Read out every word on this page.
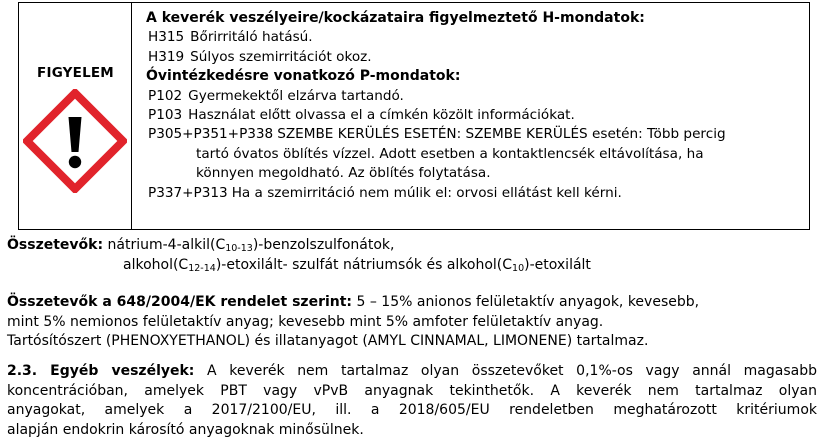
FIGYELEM
A keverék veszélyeire/kockázataira figyelmeztető H-mondatok:
H315 Bőrirritáló hatású.
H319 Súlyos szemirritációt okoz.
Óvintézkedésre vonatkozó P-mondatok:
P102 Gyermekektől elzárva tartandó.
P103 Használat előtt olvassa el a címkén közölt információkat.
P305+P351+P338 SZEMBE KERÜLÉS ESETÉN: SZEMBE KERÜLÉS esetén: Több percig
tartó óvatos öblítés vízzel. Adott esetben a kontaktlencsék eltávolítása, ha
könnyen megoldható. Az öblítés folytatása.
P337+P313 Ha a szemirritáció nem múlik el: orvosi ellátást kell kérni.
Összetevők: nátrium-$4-alkil(C_{10-13})$-benzolszulfonátok,
$alkohol(C_{12-14})-etoxilált-$ szulfát nátriumsók és $alkohol(C_{10})$-etoxilált
Összetevők a 648/2004/EK rendelet szerint: 5 – 15% anionos felületaktív anyagok, kevesebb,
mint 5% nemionos felületaktív anyag; kevesebb mint 5% amfoter felületaktív anyag.
Tartósítószert (PHENOXYETHANOL) és illatanyagot (AMYL CINNAMAL, LIMONENE) tartalmaz.
2.3. Egyéb veszélyek: A keverék nem tartalmaz olyan összetevőket 0,1%-os vagy annál magasabb
koncentrációban, amelyek PBT vagy vPvB anyagnak tekinthetők. A keverék nem tartalmaz olyan
anyagokat, amelyek a 2017/2100/EU, ill. a 2018/605/EU rendeletben meghatározott kritériumok
alapján endokrin károsító anyagoknak minősülnek.
